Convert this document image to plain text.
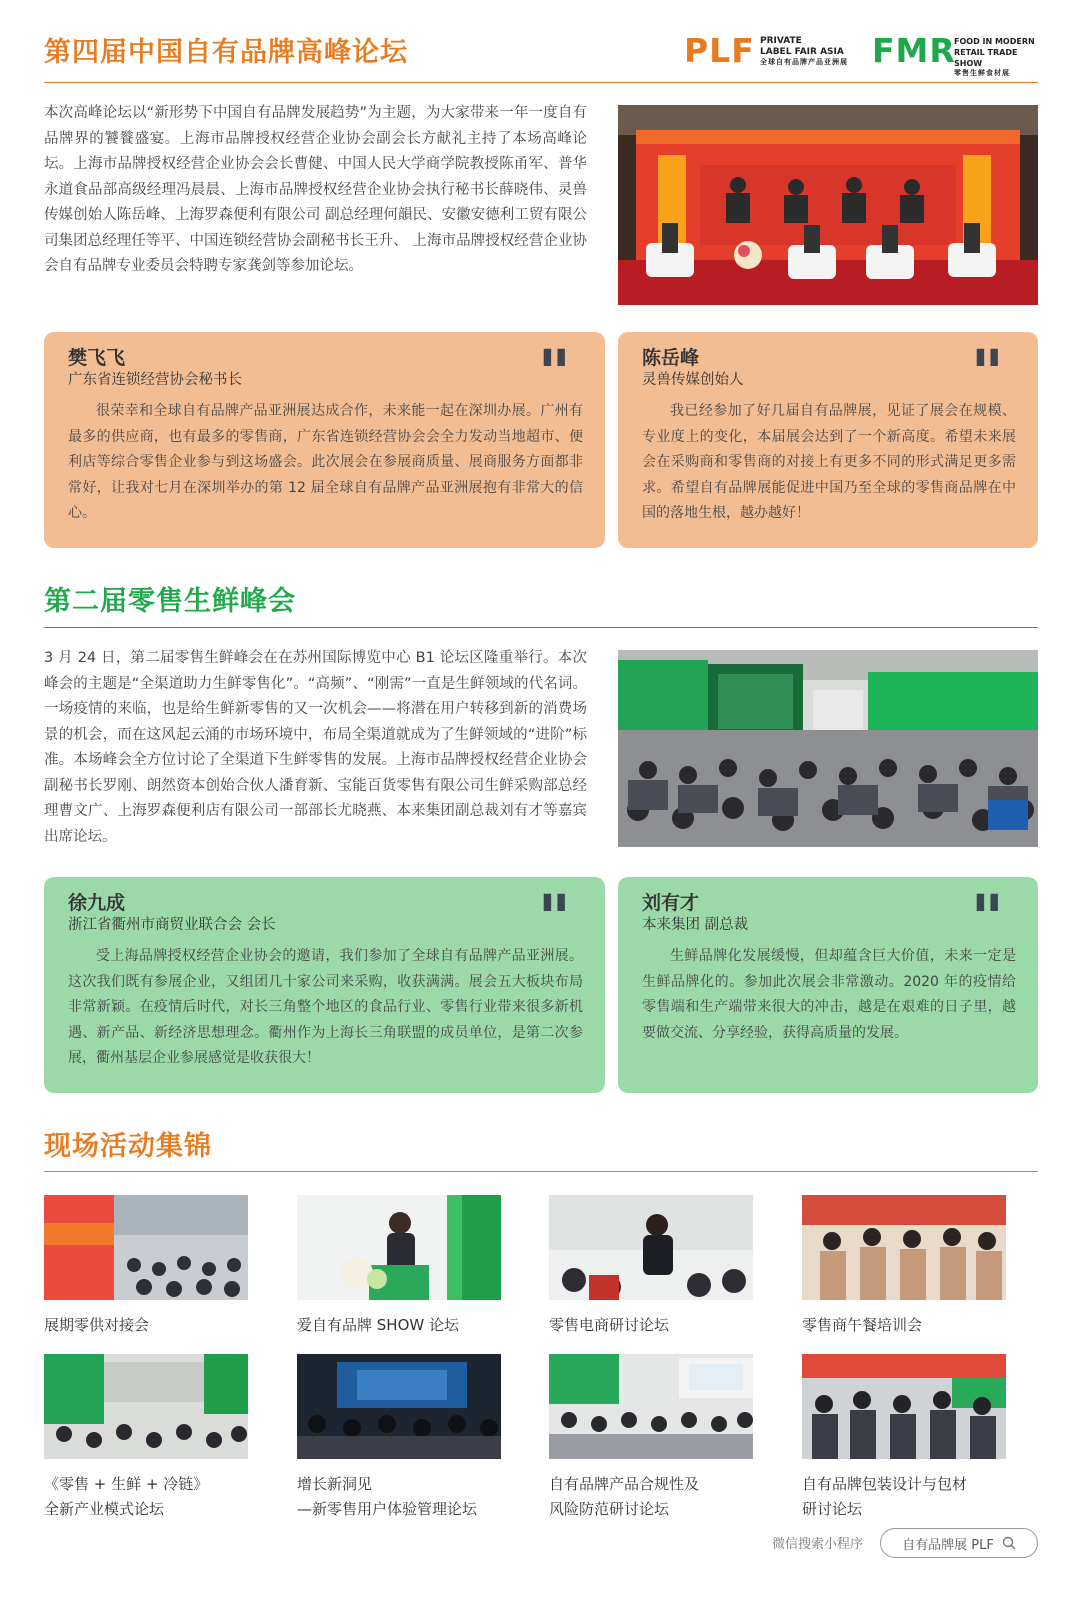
第四届中国自有品牌高峰论坛	PLF PRIVATE
LABEL FAIR ASIA
全球自有品牌产品亚洲展 FMR
FOOD IN MODERN
RETAIL TRADE SHOW
零售生鲜食材展
本次高峰论坛以“新形势下中国自有品牌发展趋势”为主题，为大家带来一年一度自有品牌界的饕餮盛宴。上海市品牌授权经营企业协会副会长方献礼主持了本场高峰论坛。上海市品牌授权经营企业协会会长曹健、中国人民大学商学院教授陈甬军、普华永道食品部高级经理冯晨晨、上海市品牌授权经营企业协会执行秘书长薛晓伟、灵兽传媒创始人陈岳峰、上海罗森便利有限公司 副总经理何韻民、安徽安德利工贸有限公司集团总经理任等平、中国连锁经营协会副秘书长王升、 上海市品牌授权经营企业协会自有品牌专业委员会特聘专家龚剑等参加论坛。
"
樊飞飞
广东省连锁经营协会秘书长
很荣幸和全球自有品牌产品亚洲展达成合作，未来能一起在深圳办展。广州有最多的供应商，也有最多的零售商，广东省连锁经营协会会全力发动当地超市、便利店等综合零售企业参与到这场盛会。此次展会在参展商质量、展商服务方面都非常好，让我对七月在深圳举办的第 12 届全球自有品牌产品亚洲展抱有非常大的信心。
"
陈岳峰
灵兽传媒创始人
我已经参加了好几届自有品牌展，见证了展会在规模、专业度上的变化，本届展会达到了一个新高度。希望未来展会在采购商和零售商的对接上有更多不同的形式满足更多需求。希望自有品牌展能促进中国乃至全球的零售商品牌在中国的落地生根，越办越好！
第二届零售生鲜峰会
3 月 24 日，第二届零售生鲜峰会在在苏州国际博览中心 B1 论坛区隆重举行。本次峰会的主题是“全渠道助力生鲜零售化”。“高频”、“刚需”一直是生鲜领域的代名词。一场疫情的来临，也是给生鲜新零售的又一次机会——将潜在用户转移到新的消费场景的机会，而在这风起云涌的市场环境中，布局全渠道就成为了生鲜领域的“进阶”标准。本场峰会全方位讨论了全渠道下生鲜零售的发展。上海市品牌授权经营企业协会副秘书长罗刚、朗然资本创始合伙人潘育新、宝能百货零售有限公司生鲜采购部总经理曹文广、上海罗森便利店有限公司一部部长尤晓燕、本来集团副总裁刘有才等嘉宾出席论坛。
"
徐九成
浙江省衢州市商贸业联合会 会长
受上海品牌授权经营企业协会的邀请，我们参加了全球自有品牌产品亚洲展。这次我们既有参展企业，又组团几十家公司来采购，收获满满。展会五大板块布局非常新颖。在疫情后时代，对长三角整个地区的食品行业、零售行业带来很多新机遇、新产品、新经济思想理念。衢州作为上海长三角联盟的成员单位，是第二次参展，衢州基层企业参展感觉是收获很大！
"
刘有才
本来集团 副总裁
生鲜品牌化发展缓慢，但却蕴含巨大价值，未来一定是生鲜品牌化的。参加此次展会非常激动。2020 年的疫情给零售端和生产端带来很大的冲击，越是在艰难的日子里，越要做交流、分享经验，获得高质量的发展。
现场活动集锦
展期零供对接会	爱自有品牌 SHOW 论坛	零售电商研讨论坛	零售商午餐培训会
《零售 + 生鲜 + 冷链》
全新产业模式论坛
增长新洞见
—新零售用户体验管理论坛
自有品牌产品合规性及
风险防范研讨论坛
自有品牌包装设计与包材
研讨论坛
微信搜索小程序	自有品牌展 PLF
